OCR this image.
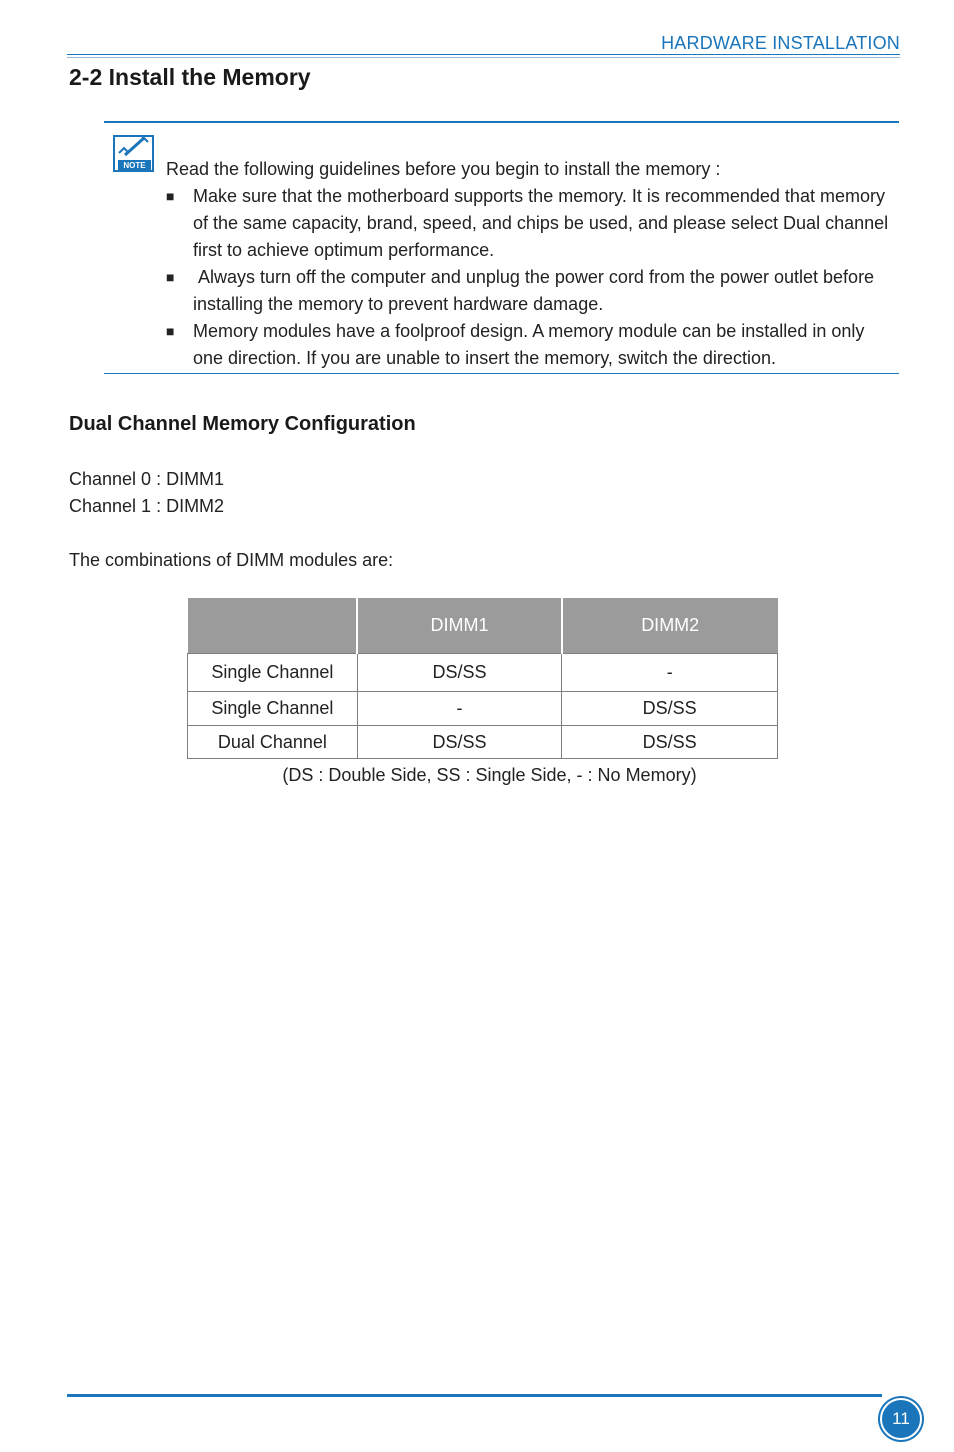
HARDWARE INSTALLATION
2-2 Install the Memory
NOTE Read the following guidelines before you begin to install the memory :
■ Make sure that the motherboard supports the memory. It is recommended that memory of the same capacity, brand, speed, and chips be used, and please select Dual channel first to achieve optimum performance.
■ Always turn off the computer and unplug the power cord from the power outlet before installing the memory to prevent hardware damage.
■ Memory modules have a foolproof design. A memory module can be installed in only one direction. If you are unable to insert the memory, switch the direction.
Dual Channel Memory Configuration
Channel 0 : DIMM1
Channel 1 : DIMM2
The combinations of DIMM modules are:
	DIMM1	DIMM2
Single Channel	DS/SS	-
Single Channel	-	DS/SS
Dual Channel	DS/SS	DS/SS
(DS : Double Side, SS : Single Side, - : No Memory)
11
